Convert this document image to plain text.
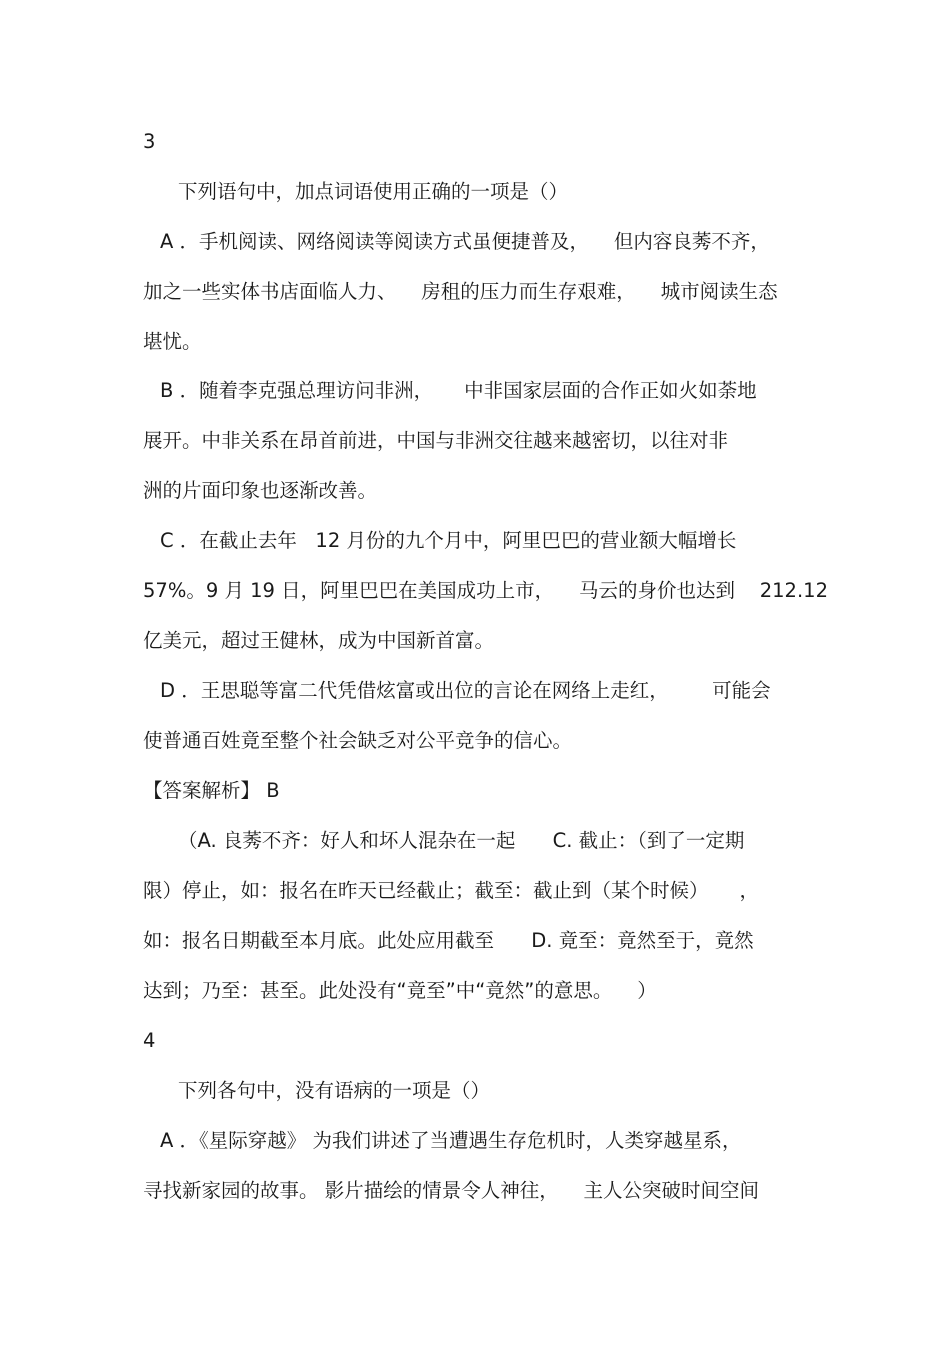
3
下列语句中，加点词语使用正确的一项是（）
A ．手机阅读、网络阅读等阅读方式虽便捷普及，    但内容良莠不齐，
加之一些实体书店面临人力、    房租的压力而生存艰难，    城市阅读生态
堪忧。
B ．随着李克强总理访问非洲，     中非国家层面的合作正如火如荼地
展开。中非关系在昂首前进，中国与非洲交往越来越密切，以往对非
洲的片面印象也逐渐改善。
C ．在截止去年   12 月份的九个月中，阿里巴巴的营业额大幅增长
57%。9 月 19 日，阿里巴巴在美国成功上市，    马云的身价也达到    212.12
亿美元，超过王健林，成为中国新首富。
D ．王思聪等富二代凭借炫富或出位的言论在网络上走红，       可能会
使普通百姓竟至整个社会缺乏对公平竞争的信心。
【答案解析】 B
（A. 良莠不齐：好人和坏人混杂在一起      C. 截止：（到了一定期
限）停止，如：报名在昨天已经截止；截至：截止到（某个时候）     ，
如：报名日期截至本月底。此处应用截至      D. 竟至：竟然至于，竟然
达到；乃至：甚至。此处没有“竟至”中“竟然”的意思。    ）
4
下列各句中，没有语病的一项是（）
A ．《星际穿越》 为我们讲述了当遭遇生存危机时，人类穿越星系，
寻找新家园的故事。 影片描绘的情景令人神往，    主人公突破时间空间
